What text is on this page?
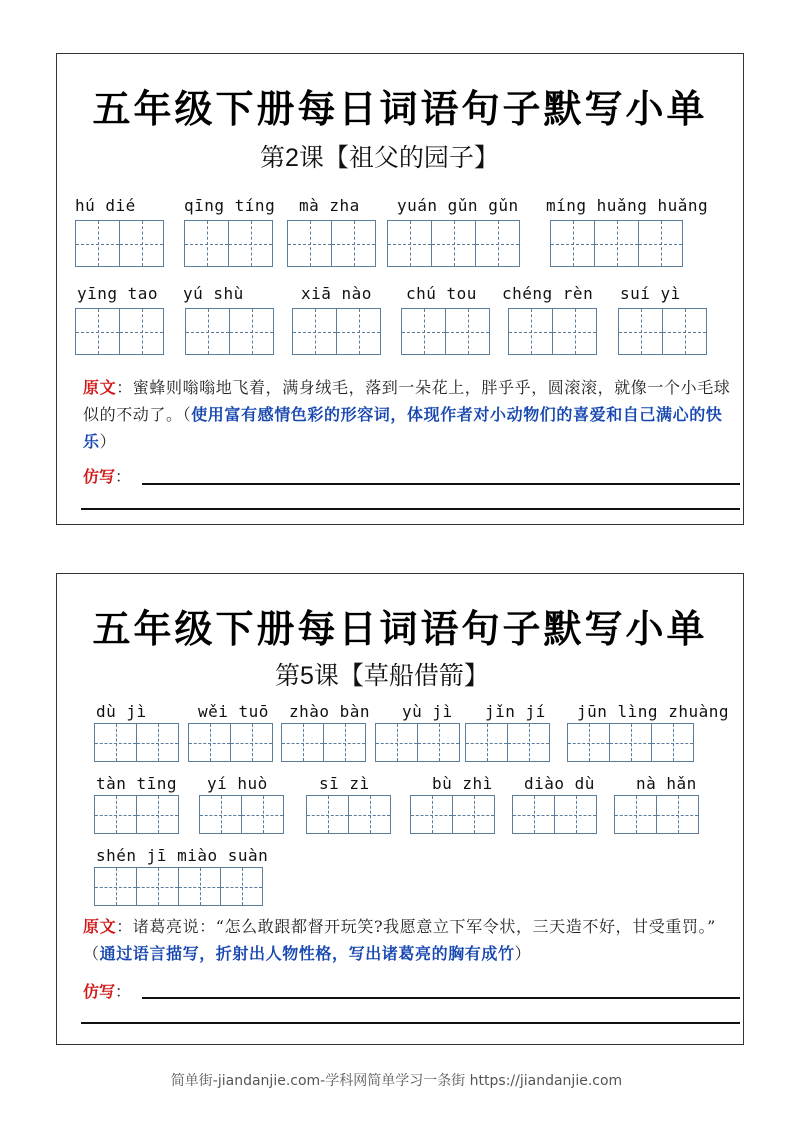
五年级下册每日词语句子默写小单
第2课【祖父的园子】
hú dié	qīng tíng mà zha yuán gǔn gǔn míng huǎng huǎng
yīng tao yú shù	xiā nào chú tou chéng rèn suí yì
原文：蜜蜂则嗡嗡地飞着，满身绒毛，落到一朵花上，胖乎乎，圆滚滚，就像一个小毛球似的不动了。（使用富有感情色彩的形容词，体现作者对小动物们的喜爱和自己满心的快乐）
仿写：
五年级下册每日词语句子默写小单
第5课【草船借箭】
dù jì	wěi tuō zhào bàn yù jì jǐn jí jūn lìng zhuàng
tàn tīng yí huò	sī zì	bù zhì diào dù	nà hǎn
shén jī miào suàn
原文：诸葛亮说：“怎么敢跟都督开玩笑?我愿意立下军令状，三天造不好，甘受重罚。” （通过语言描写，折射出人物性格，写出诸葛亮的胸有成竹）
仿写：
简单街-jiandanjie.com-学科网简单学习一条街 https://jiandanjie.com
